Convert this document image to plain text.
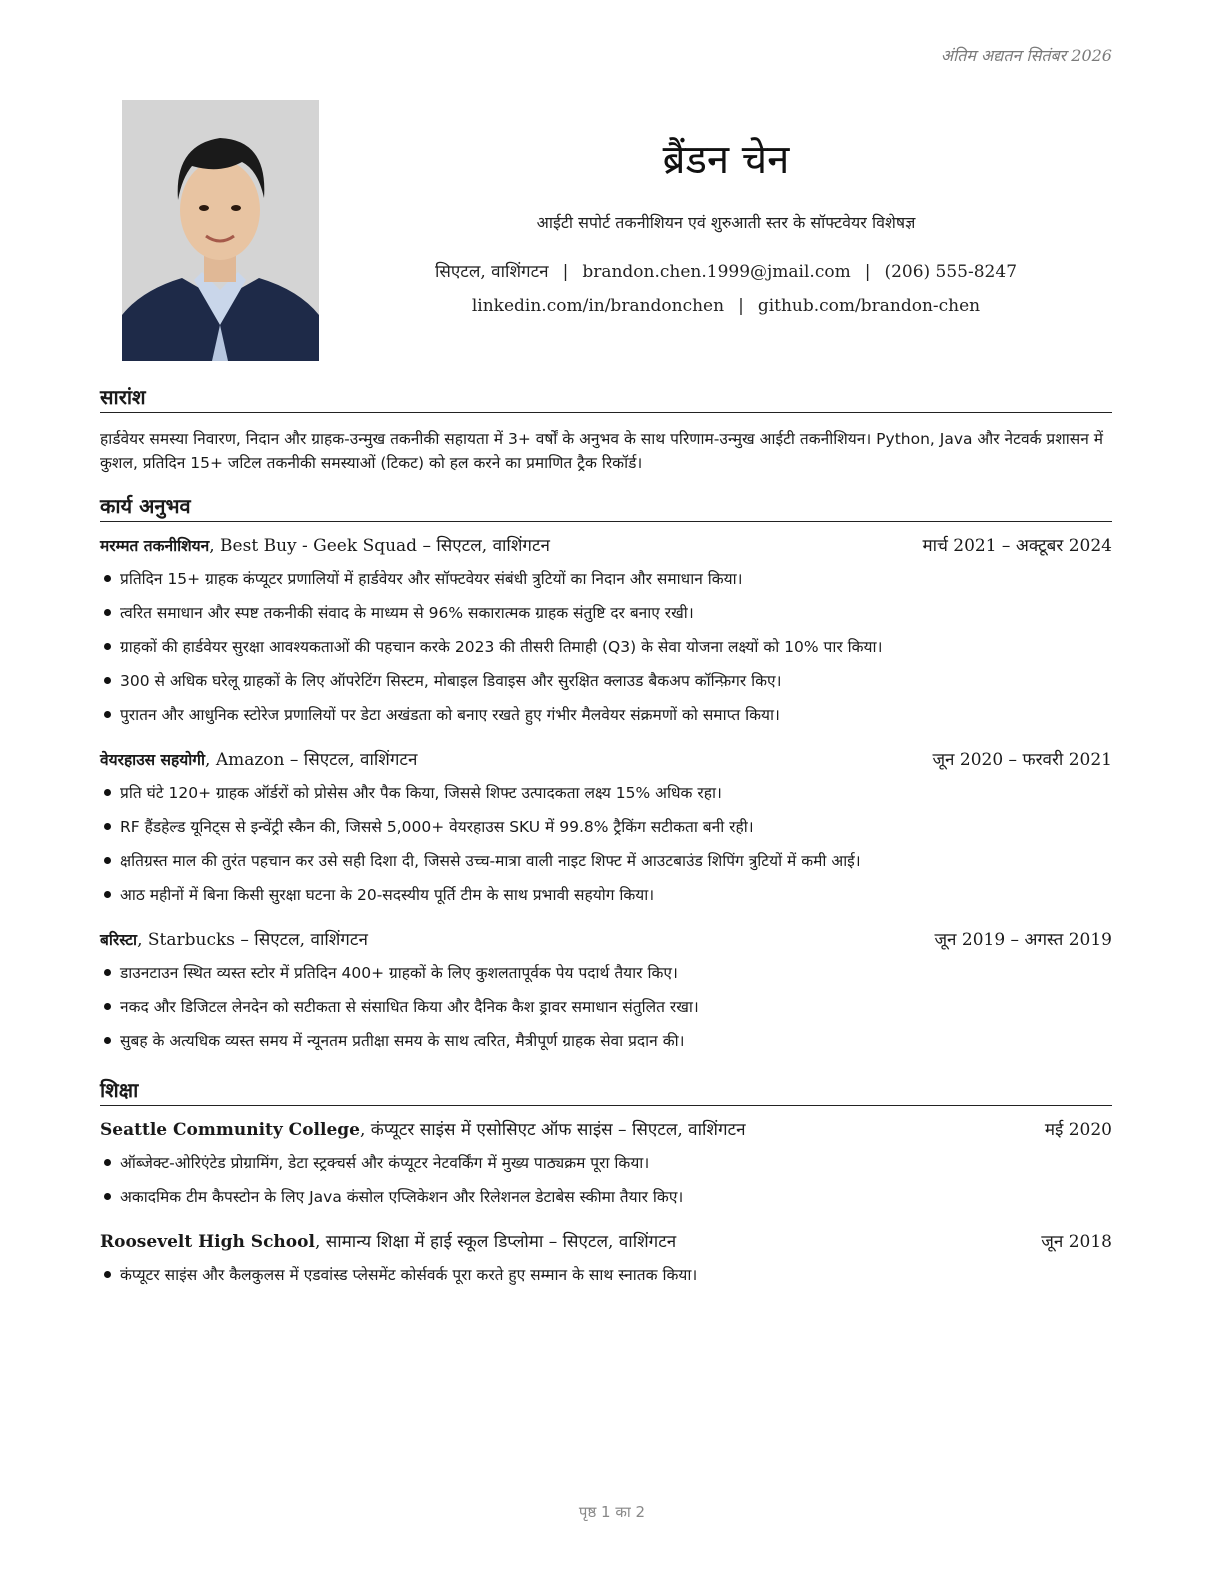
अंतिम अद्यतन सितंबर 2026
ब्रैंडन चेन
आईटी सपोर्ट तकनीशियन एवं शुरुआती स्तर के सॉफ्टवेयर विशेषज्ञ
सिएटल, वाशिंगटन | brandon.chen.1999@jmail.com | (206) 555-8247
linkedin.com/in/brandonchen | github.com/brandon-chen
सारांश
हार्डवेयर समस्या निवारण, निदान और ग्राहक-उन्मुख तकनीकी सहायता में 3+ वर्षों के अनुभव के साथ परिणाम-उन्मुख आईटी तकनीशियन। Python, Java और नेटवर्क प्रशासन में कुशल, प्रतिदिन 15+ जटिल तकनीकी समस्याओं (टिकट) को हल करने का प्रमाणित ट्रैक रिकॉर्ड।
कार्य अनुभव
मरम्मत तकनीशियन, Best Buy - Geek Squad – सिएटल, वाशिंगटन	मार्च 2021 – अक्टूबर 2024
प्रतिदिन 15+ ग्राहक कंप्यूटर प्रणालियों में हार्डवेयर और सॉफ्टवेयर संबंधी त्रुटियों का निदान और समाधान किया।
त्वरित समाधान और स्पष्ट तकनीकी संवाद के माध्यम से 96% सकारात्मक ग्राहक संतुष्टि दर बनाए रखी।
ग्राहकों की हार्डवेयर सुरक्षा आवश्यकताओं की पहचान करके 2023 की तीसरी तिमाही (Q3) के सेवा योजना लक्ष्यों को 10% पार किया।
300 से अधिक घरेलू ग्राहकों के लिए ऑपरेटिंग सिस्टम, मोबाइल डिवाइस और सुरक्षित क्लाउड बैकअप कॉन्फ़िगर किए।
पुरातन और आधुनिक स्टोरेज प्रणालियों पर डेटा अखंडता को बनाए रखते हुए गंभीर मैलवेयर संक्रमणों को समाप्त किया।
वेयरहाउस सहयोगी, Amazon – सिएटल, वाशिंगटन	जून 2020 – फरवरी 2021
प्रति घंटे 120+ ग्राहक ऑर्डरों को प्रोसेस और पैक किया, जिससे शिफ्ट उत्पादकता लक्ष्य 15% अधिक रहा।
RF हैंडहेल्ड यूनिट्स से इन्वेंट्री स्कैन की, जिससे 5,000+ वेयरहाउस SKU में 99.8% ट्रैकिंग सटीकता बनी रही।
क्षतिग्रस्त माल की तुरंत पहचान कर उसे सही दिशा दी, जिससे उच्च-मात्रा वाली नाइट शिफ्ट में आउटबाउंड शिपिंग त्रुटियों में कमी आई।
आठ महीनों में बिना किसी सुरक्षा घटना के 20-सदस्यीय पूर्ति टीम के साथ प्रभावी सहयोग किया।
बरिस्टा, Starbucks – सिएटल, वाशिंगटन	जून 2019 – अगस्त 2019
डाउनटाउन स्थित व्यस्त स्टोर में प्रतिदिन 400+ ग्राहकों के लिए कुशलतापूर्वक पेय पदार्थ तैयार किए।
नकद और डिजिटल लेनदेन को सटीकता से संसाधित किया और दैनिक कैश ड्रावर समाधान संतुलित रखा।
सुबह के अत्यधिक व्यस्त समय में न्यूनतम प्रतीक्षा समय के साथ त्वरित, मैत्रीपूर्ण ग्राहक सेवा प्रदान की।
शिक्षा
Seattle Community College, कंप्यूटर साइंस में एसोसिएट ऑफ साइंस – सिएटल, वाशिंगटन	मई 2020
ऑब्जेक्ट-ओरिएंटेड प्रोग्रामिंग, डेटा स्ट्रक्चर्स और कंप्यूटर नेटवर्किंग में मुख्य पाठ्यक्रम पूरा किया।
अकादमिक टीम कैपस्टोन के लिए Java कंसोल एप्लिकेशन और रिलेशनल डेटाबेस स्कीमा तैयार किए।
Roosevelt High School, सामान्य शिक्षा में हाई स्कूल डिप्लोमा – सिएटल, वाशिंगटन	जून 2018
कंप्यूटर साइंस और कैलकुलस में एडवांस्ड प्लेसमेंट कोर्सवर्क पूरा करते हुए सम्मान के साथ स्नातक किया।
पृष्ठ 1 का 2
